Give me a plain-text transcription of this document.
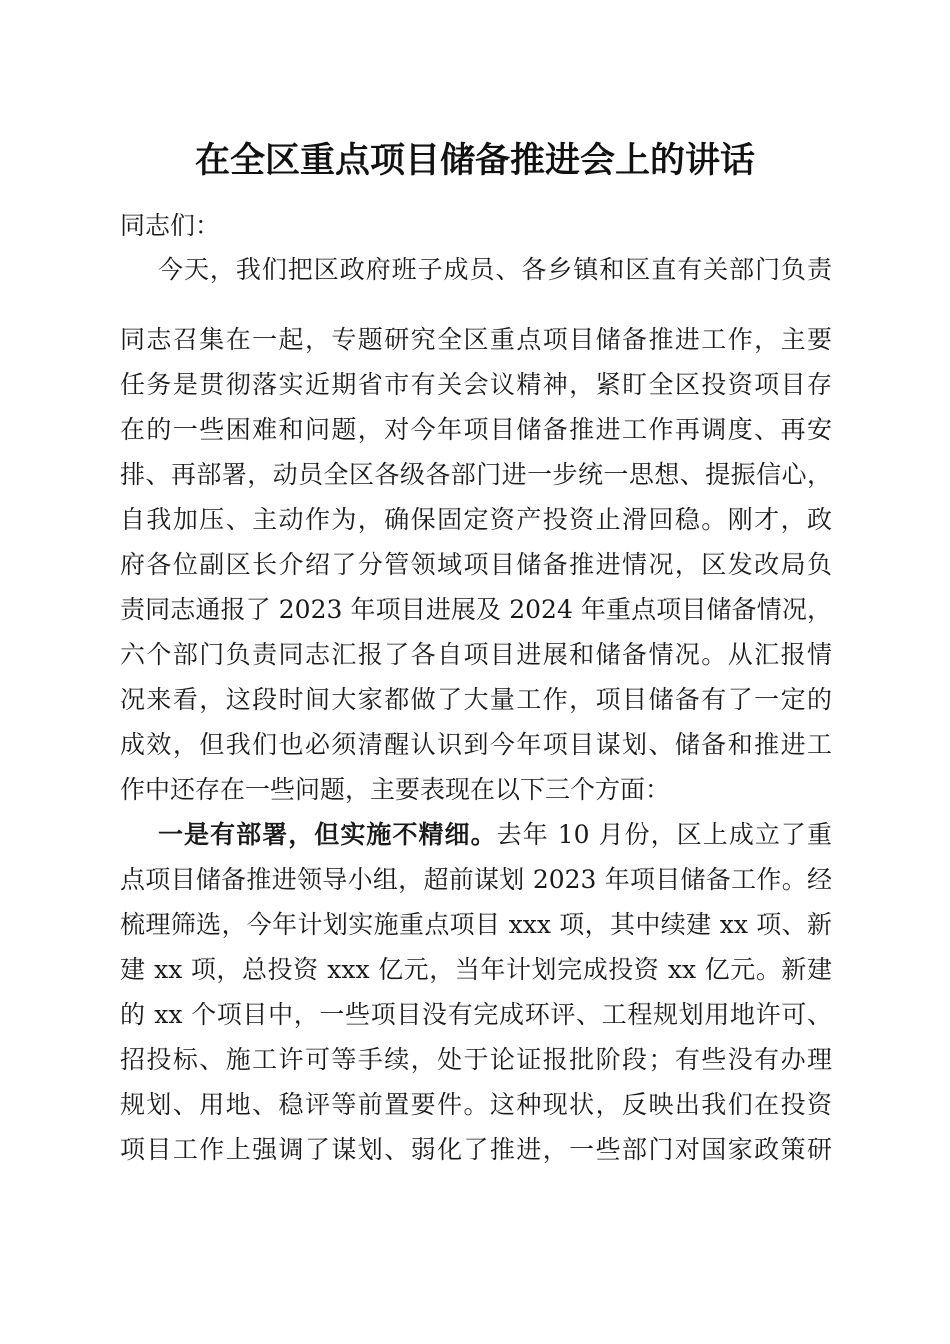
在全区重点项目储备推进会上的讲话
同志们：
今天，我们把区政府班子成员、各乡镇和区直有关部门负责
同志召集在一起，专题研究全区重点项目储备推进工作，主要
任务是贯彻落实近期省市有关会议精神，紧盯全区投资项目存
在的一些困难和问题，对今年项目储备推进工作再调度、再安
排、再部署，动员全区各级各部门进一步统一思想、提振信心，
自我加压、主动作为，确保固定资产投资止滑回稳。刚才，政
府各位副区长介绍了分管领域项目储备推进情况，区发改局负
责同志通报了 2023 年项目进展及 2024 年重点项目储备情况，
六个部门负责同志汇报了各自项目进展和储备情况。从汇报情
况来看，这段时间大家都做了大量工作，项目储备有了一定的
成效，但我们也必须清醒认识到今年项目谋划、储备和推进工
作中还存在一些问题，主要表现在以下三个方面：
一是有部署，但实施不精细。去年 10 月份，区上成立了重
点项目储备推进领导小组，超前谋划 2023 年项目储备工作。经
梳理筛选，今年计划实施重点项目 xxx 项，其中续建 xx 项、新
建 xx 项，总投资 xxx 亿元，当年计划完成投资 xx 亿元。新建
的 xx 个项目中，一些项目没有完成环评、工程规划用地许可、
招投标、施工许可等手续，处于论证报批阶段；有些没有办理
规划、用地、稳评等前置要件。这种现状，反映出我们在投资
项目工作上强调了谋划、弱化了推进，一些部门对国家政策研
